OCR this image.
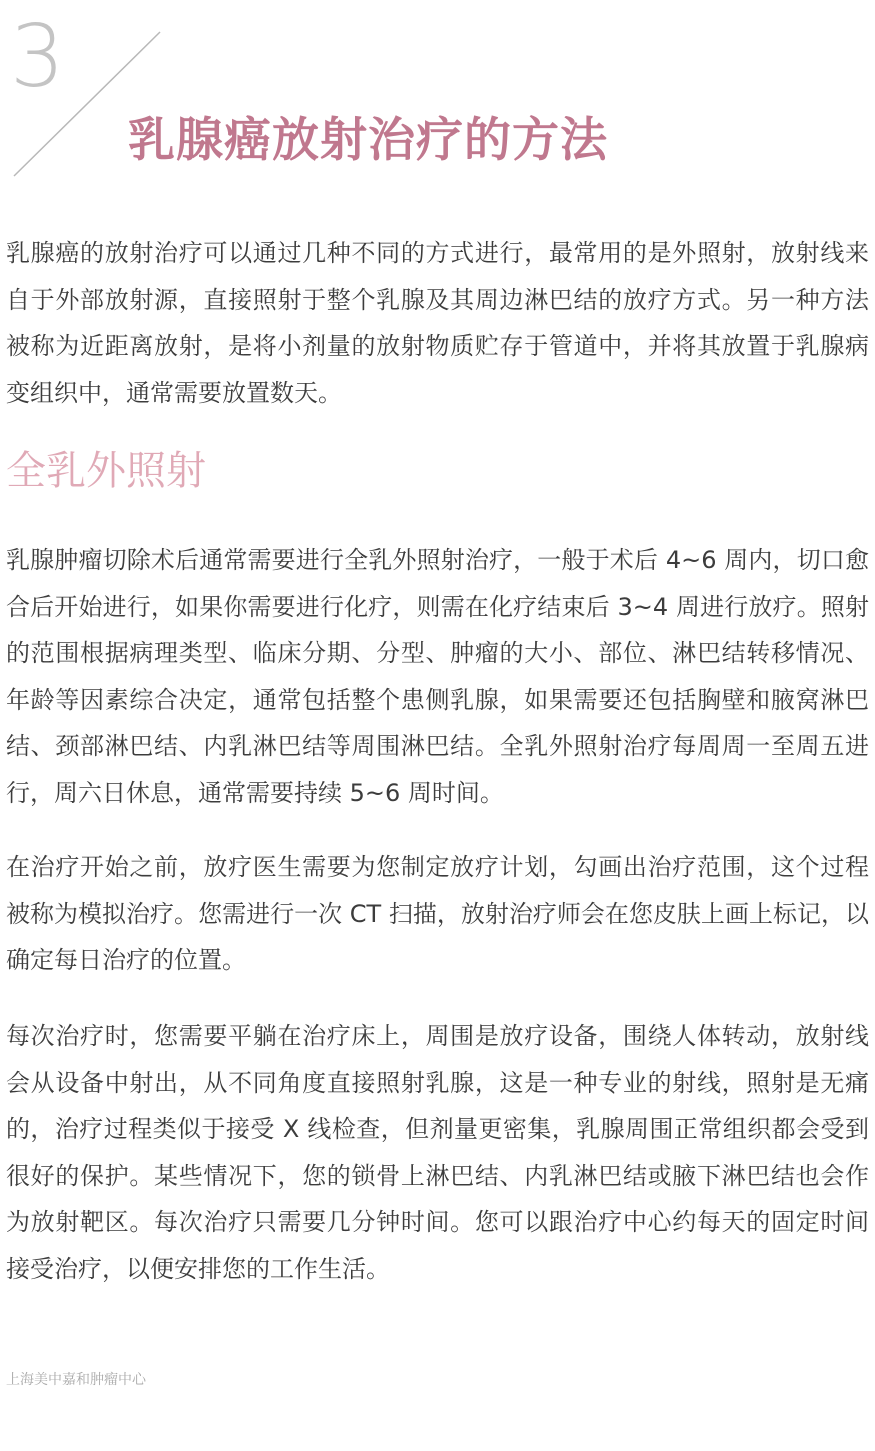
3
乳腺癌放射治疗的方法

乳腺癌的放射治疗可以通过几种不同的方式进行，最常用的是外照射，放射线来自于外部放射源，直接照射于整个乳腺及其周边淋巴结的放疗方式。另一种方法被称为近距离放射，是将小剂量的放射物质贮存于管道中，并将其放置于乳腺病变组织中，通常需要放置数天。

全乳外照射

乳腺肿瘤切除术后通常需要进行全乳外照射治疗，一般于术后 4~6 周内，切口愈合后开始进行，如果你需要进行化疗，则需在化疗结束后 3~4 周进行放疗。照射的范围根据病理类型、临床分期、分型、肿瘤的大小、部位、淋巴结转移情况、年龄等因素综合决定，通常包括整个患侧乳腺，如果需要还包括胸壁和腋窝淋巴结、颈部淋巴结、内乳淋巴结等周围淋巴结。全乳外照射治疗每周周一至周五进行，周六日休息，通常需要持续 5~6 周时间。

在治疗开始之前，放疗医生需要为您制定放疗计划，勾画出治疗范围，这个过程被称为模拟治疗。您需进行一次 CT 扫描，放射治疗师会在您皮肤上画上标记，以确定每日治疗的位置。

每次治疗时，您需要平躺在治疗床上，周围是放疗设备，围绕人体转动，放射线会从设备中射出，从不同角度直接照射乳腺，这是一种专业的射线，照射是无痛的，治疗过程类似于接受 X 线检查，但剂量更密集，乳腺周围正常组织都会受到很好的保护。某些情况下，您的锁骨上淋巴结、内乳淋巴结或腋下淋巴结也会作为放射靶区。每次治疗只需要几分钟时间。您可以跟治疗中心约每天的固定时间接受治疗，以便安排您的工作生活。

上海美中嘉和肿瘤中心
